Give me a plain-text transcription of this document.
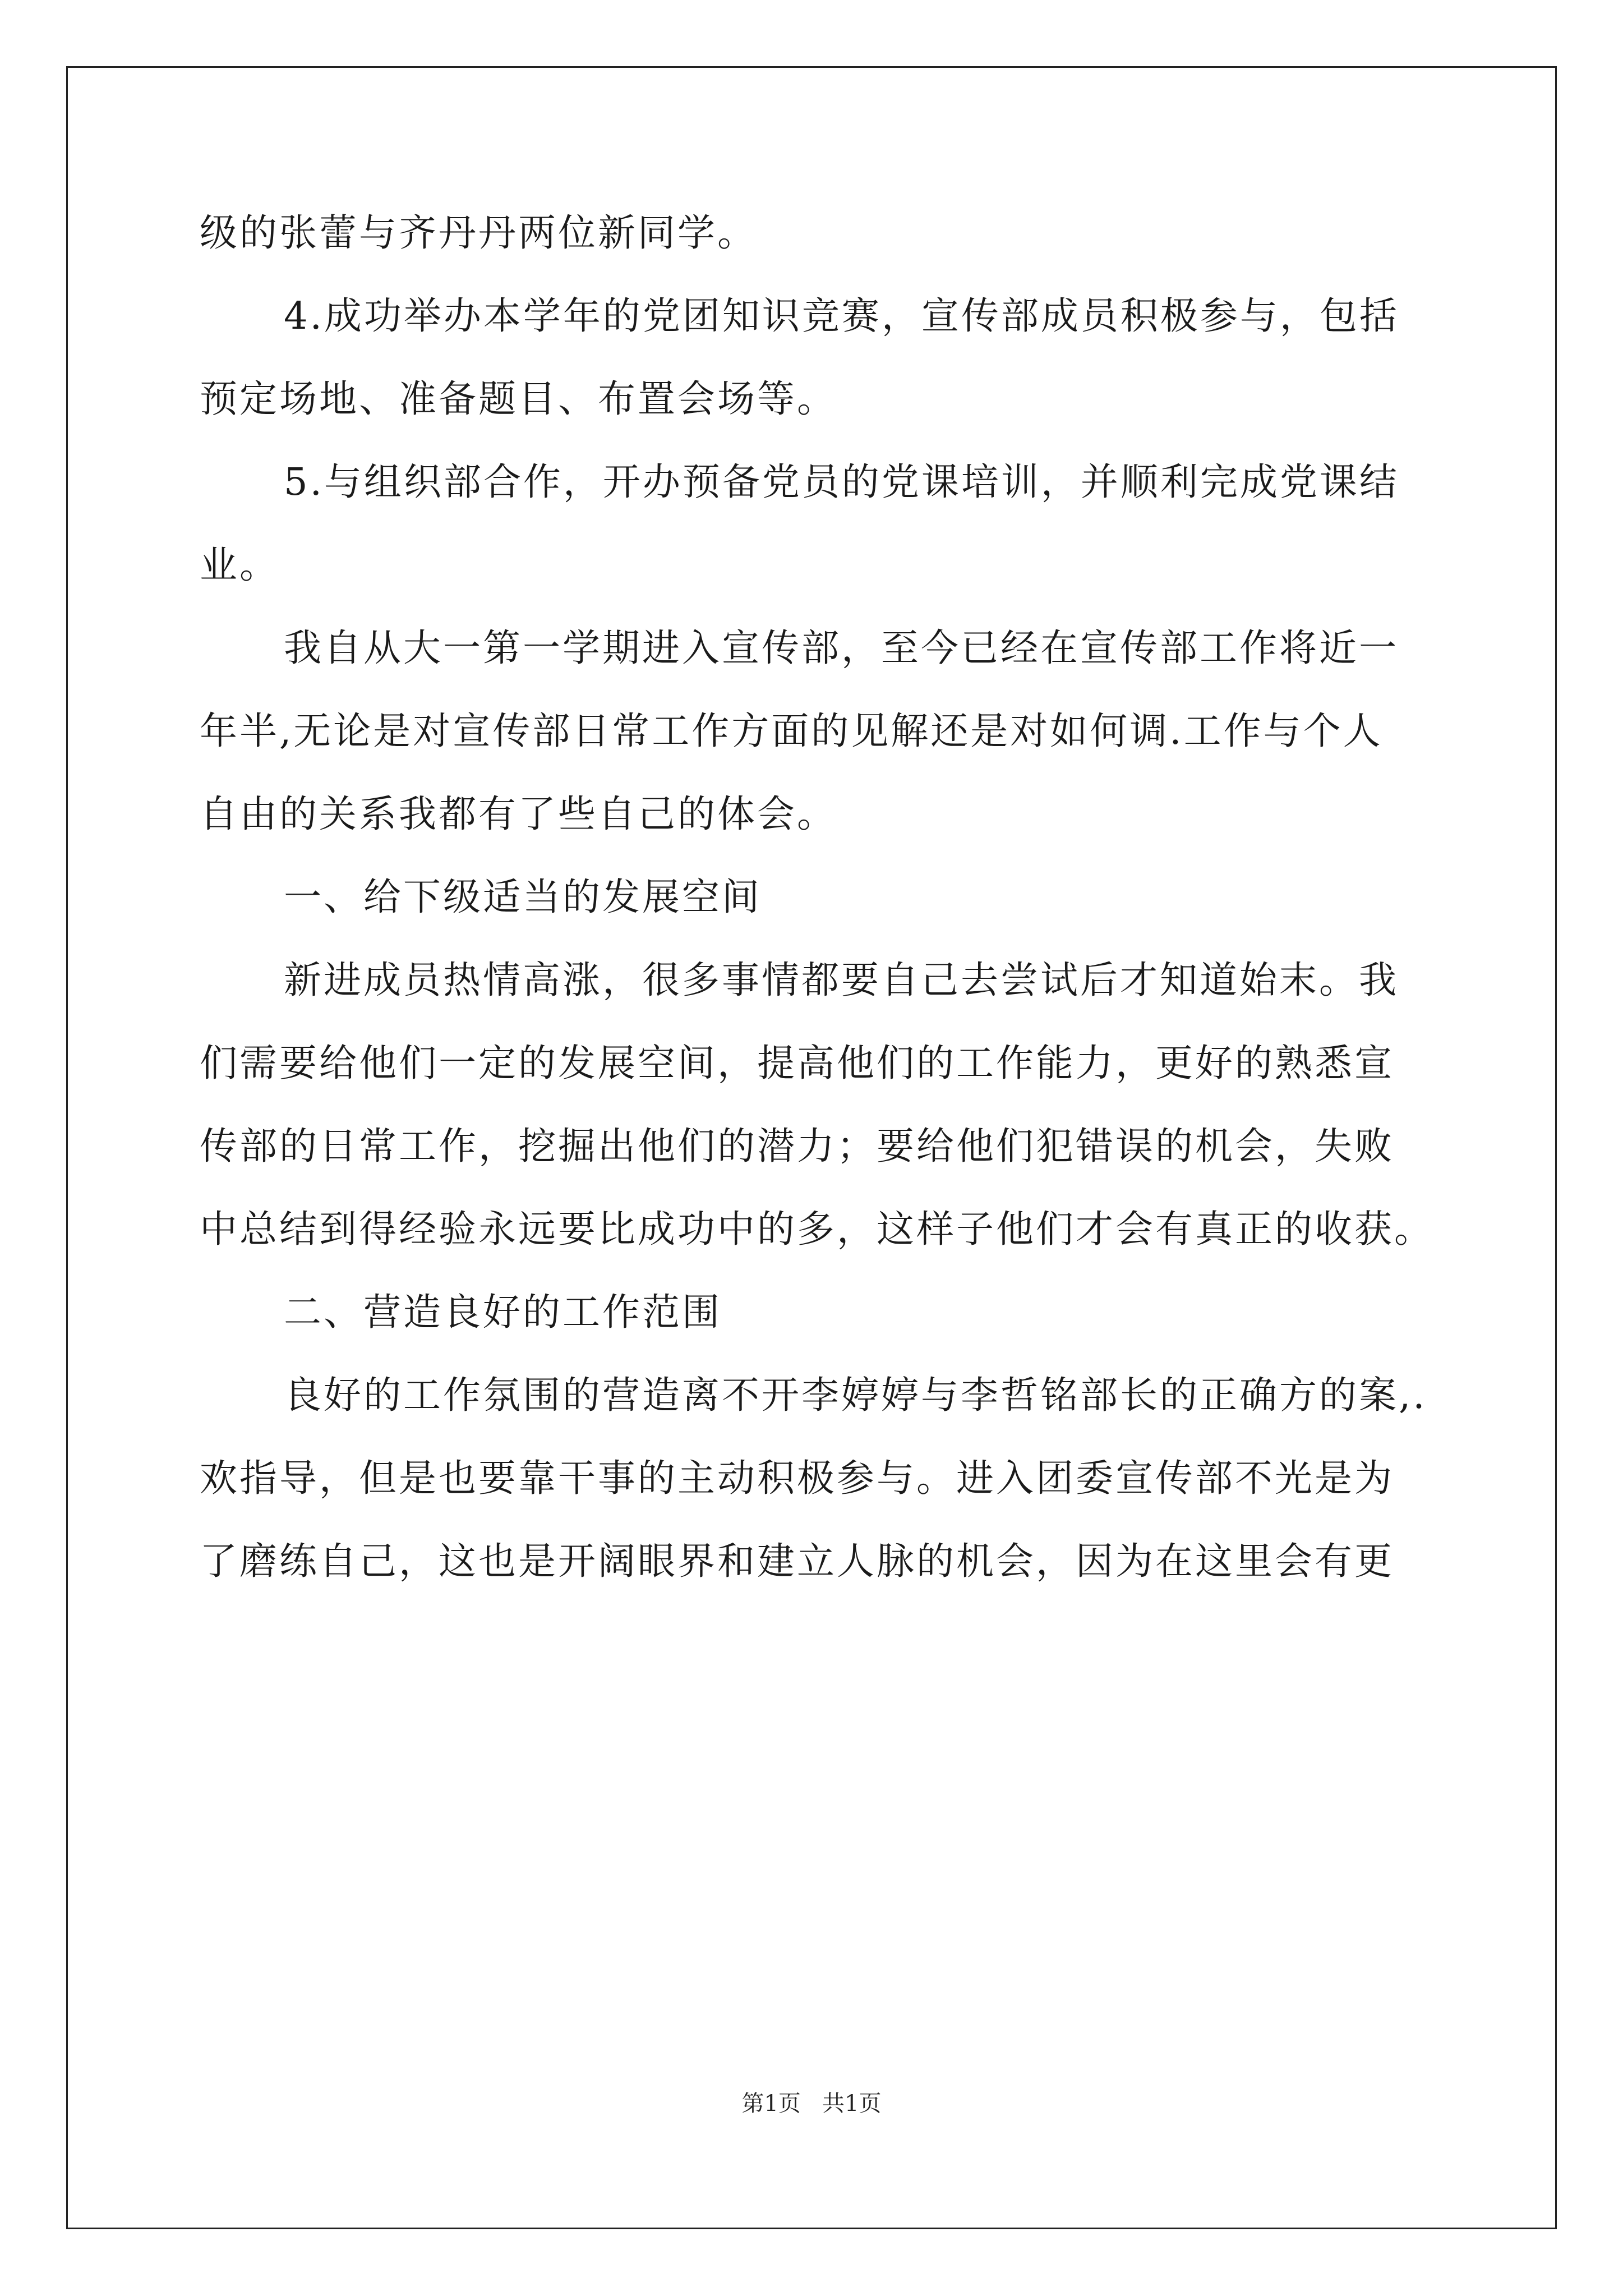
级的张蕾与齐丹丹两位新同学。
4.成功举办本学年的党团知识竞赛，宣传部成员积极参与，包括
预定场地、准备题目、布置会场等。
5.与组织部合作，开办预备党员的党课培训，并顺利完成党课结
业。
我自从大一第一学期进入宣传部，至今已经在宣传部工作将近一
年半,无论是对宣传部日常工作方面的见解还是对如何调.工作与个人
自由的关系我都有了些自己的体会。
一、给下级适当的发展空间
新进成员热情高涨，很多事情都要自己去尝试后才知道始末。我
们需要给他们一定的发展空间，提高他们的工作能力，更好的熟悉宣
传部的日常工作，挖掘出他们的潜力；要给他们犯错误的机会，失败
中总结到得经验永远要比成功中的多，这样子他们才会有真正的收获。
二、营造良好的工作范围
良好的工作氛围的营造离不开李婷婷与李哲铭部长的正确方的案,.
欢指导，但是也要靠干事的主动积极参与。进入团委宣传部不光是为
了磨练自己，这也是开阔眼界和建立人脉的机会，因为在这里会有更
第1页   共1页
